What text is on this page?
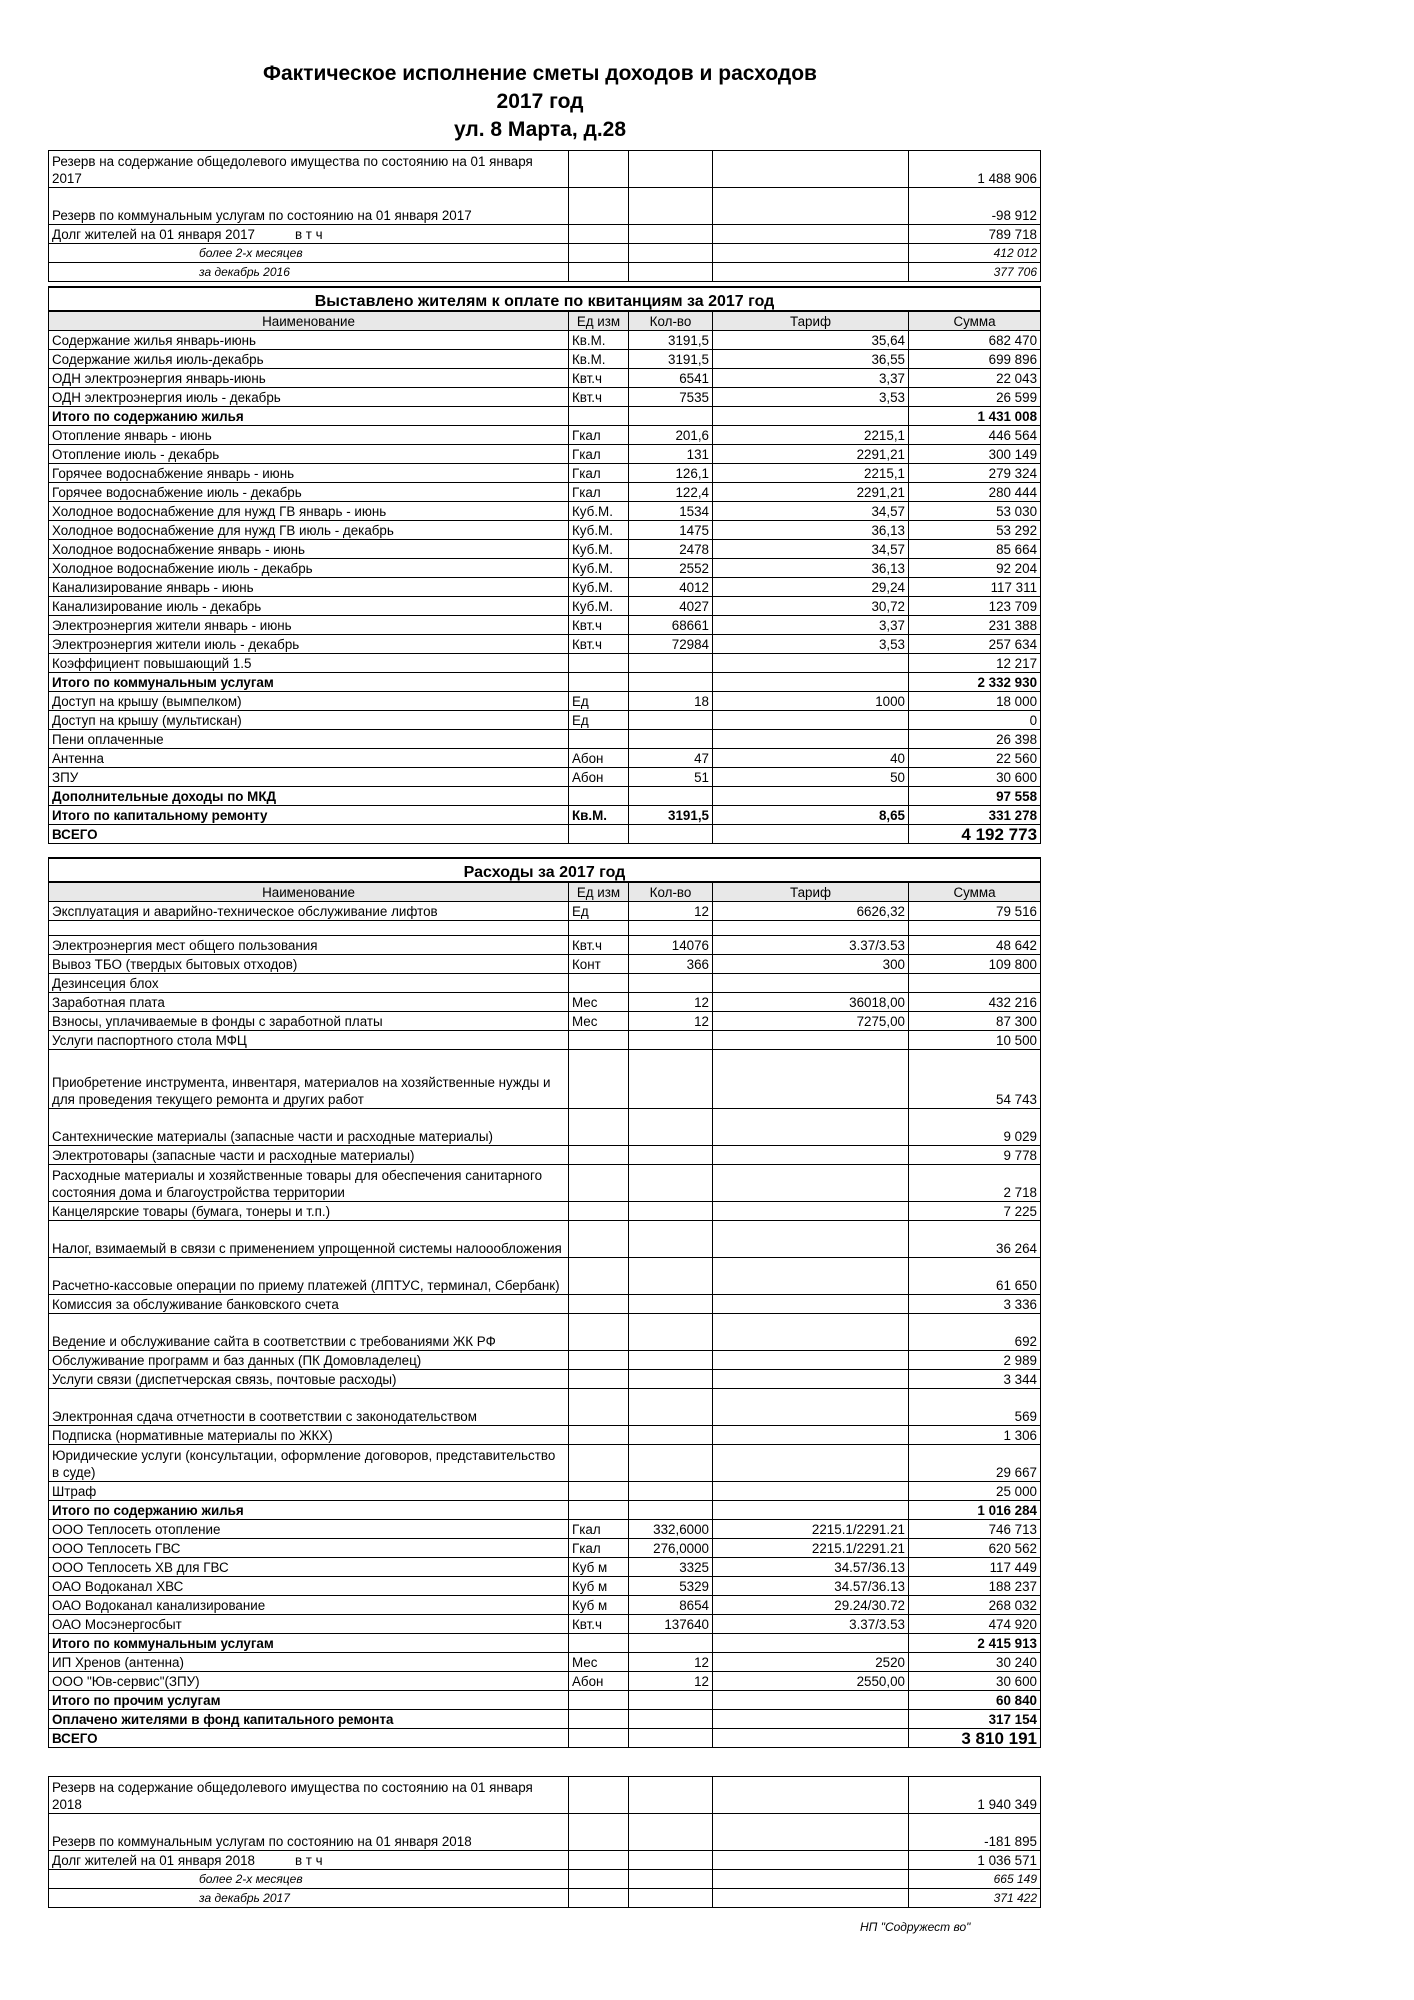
Фактическое исполнение сметы доходов и расходов
2017 год
ул. 8 Марта, д.28
Резерв на содержание общедолевого имущества по состоянию на 01 января 2017				1 488 906

Резерв по коммунальным услугам по состоянию на 01 января 2017				-98 912
Долг жителей на 01 января 2017 в т ч				789 718
более 2-х месяцев				412 012
за декабрь 2016				377 706
Выставлено жителям к оплате по квитанциям за 2017 год				
Наименование	Ед изм	Кол-во	Тариф	Сумма
Содержание жилья январь-июнь	Кв.М.	3191,5	35,64	682 470
Содержание жилья июль-декабрь	Кв.М.	3191,5	36,55	699 896
ОДН электроэнергия январь-июнь	Квт.ч	6541	3,37	22 043
ОДН электроэнергия июль - декабрь	Квт.ч	7535	3,53	26 599
Итого по содержанию жилья				1 431 008
Отопление январь - июнь	Гкал	201,6	2215,1	446 564
Отопление июль - декабрь	Гкал	131	2291,21	300 149
Горячее водоснабжение январь - июнь	Гкал	126,1	2215,1	279 324
Горячее водоснабжение июль - декабрь	Гкал	122,4	2291,21	280 444
Холодное водоснабжение для нужд ГВ январь - июнь	Куб.М.	1534	34,57	53 030
Холодное водоснабжение для нужд ГВ июль - декабрь	Куб.М.	1475	36,13	53 292
Холодное водоснабжение январь - июнь	Куб.М.	2478	34,57	85 664
Холодное водоснабжение июль - декабрь	Куб.М.	2552	36,13	92 204
Канализирование январь - июнь	Куб.М.	4012	29,24	117 311
Канализирование июль - декабрь	Куб.М.	4027	30,72	123 709
Электроэнергия жители январь - июнь	Квт.ч	68661	3,37	231 388
Электроэнергия жители июль - декабрь	Квт.ч	72984	3,53	257 634
Коэффициент повышающий 1.5				12 217
Итого по коммунальным услугам				2 332 930
Доступ на крышу (вымпелком)	Ед	18	1000	18 000
Доступ на крышу (мультискан)	Ед			0
Пени оплаченные				26 398
Антенна	Абон	47	40	22 560
ЗПУ	Абон	51	50	30 600
Дополнительные доходы по МКД				97 558
Итого по капитальному ремонту	Кв.М.	3191,5	8,65	331 278
ВСЕГО				4 192 773
Расходы за 2017 год				
Наименование	Ед изм	Кол-во	Тариф	Сумма
Эксплуатация и аварийно-техническое обслуживание лифтов	Ед	12	6626,32	79 516

Электроэнергия мест общего пользования	Квт.ч	14076	3.37/3.53	48 642
Вывоз ТБО (твердых бытовых отходов)	Конт	366	300	109 800
Дезинсеция блох				
Заработная плата	Мес	12	36018,00	432 216
Взносы, уплачиваемые в фонды с заработной платы	Мес	12	7275,00	87 300
Услуги паспортного стола МФЦ				10 500
Приобретение инструмента, инвентаря, материалов на хозяйственные нужды и для проведения текущего ремонта и других работ				54 743
Сантехнические материалы (запасные части и расходные материалы)				9 029
Электротовары (запасные части и расходные материалы)				9 778
Расходные материалы и хозяйственные товары для обеспечения санитарного состояния дома и благоустройства территории				2 718
Канцелярские товары (бумага, тонеры и т.п.)				7 225
Налог, взимаемый в связи с применением упрощенной системы налоообложения				36 264
Расчетно-кассовые операции по приему платежей (ЛПТУС, терминал, Сбербанк)				61 650
Комиссия за обслуживание банковского счета				3 336
Ведение и обслуживание сайта в соответствии с требованиями ЖК РФ				692
Обслуживание программ и баз данных (ПК Домовладелец)				2 989
Услуги связи (диспетчерская связь, почтовые расходы)				3 344
Электронная сдача отчетности в соответствии с законодательством				569
Подписка (нормативные материалы по ЖКХ)				1 306
Юридические услуги (консультации, оформление договоров, представительство в суде)				29 667
Штраф				25 000
Итого по содержанию жилья				1 016 284
ООО Теплосеть отопление	Гкал	332,6000	2215.1/2291.21	746 713
ООО Теплосеть ГВС	Гкал	276,0000	2215.1/2291.21	620 562
ООО Теплосеть ХВ для ГВС	Куб м	3325	34.57/36.13	117 449
ОАО Водоканал ХВС	Куб м	5329	34.57/36.13	188 237
ОАО Водоканал канализирование	Куб м	8654	29.24/30.72	268 032
ОАО Мосэнергосбыт	Квт.ч	137640	3.37/3.53	474 920
Итого по коммунальным услугам				2 415 913
ИП Хренов (антенна)	Мес	12	2520	30 240
ООО "Юв-сервис"(ЗПУ)	Абон	12	2550,00	30 600
Итого по прочим услугам				60 840
Оплачено жителями в фонд капитального ремонта				317 154
ВСЕГО				3 810 191
Резерв на содержание общедолевого имущества по состоянию на 01 января 2018				1 940 349

Резерв по коммунальным услугам по состоянию на 01 января 2018				-181 895
Долг жителей на 01 января 2018 в т ч				1 036 571
более 2-х месяцев				665 149
за декабрь 2017				371 422
НП "Содружест во"
